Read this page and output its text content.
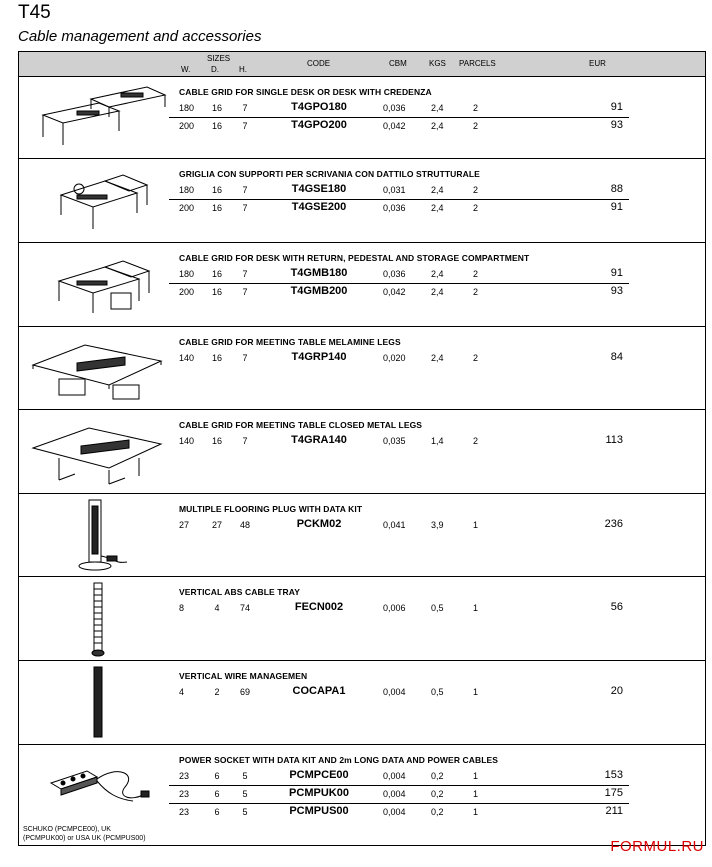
T45
Cable management and accessories
SIZES
W.	D.	H.
CODE	CBM	KGS PARCELS	EUR
CABLE GRID FOR SINGLE DESK OR DESK WITH CREDENZA
180	16	7	T4GPO180	0,036	2,4	2	91
200	16	7	T4GPO200	0,042	2,4	2	93
GRIGLIA CON SUPPORTI PER SCRIVANIA CON DATTILO STRUTTURALE
180	16	7	T4GSE180	0,031	2,4	2	88
200	16	7	T4GSE200	0,036	2,4	2	91
CABLE GRID FOR DESK WITH RETURN, PEDESTAL AND STORAGE COMPARTMENT
180	16	7	T4GMB180	0,036	2,4	2	91
200	16	7	T4GMB200	0,042	2,4	2	93
CABLE GRID FOR MEETING TABLE MELAMINE LEGS
140	16	7	T4GRP140	0,020	2,4	2	84
CABLE GRID FOR MEETING TABLE CLOSED METAL LEGS
140	16	7	T4GRA140	0,035	1,4	2	113
MULTIPLE FLOORING PLUG WITH DATA KIT
27	27	48	PCKM02	0,041	3,9	1	236
VERTICAL ABS CABLE TRAY
8	4	74	FECN002	0,006	0,5	1	56
VERTICAL WIRE MANAGEMEN
4	2	69	COCAPA1	0,004	0,5	1	20
POWER SOCKET WITH DATA KIT AND 2m LONG DATA AND POWER CABLES
23	6	5	PCMPCE00	0,004	0,2	1	153
23	6	5	PCMPUK00	0,004	0,2	1	175
23	6	5	PCMPUS00	0,004	0,2	1	211
SCHUKO (PCMPCE00), UK (PCMPUK00) or USA UK (PCMPUS00)	FORMUL.RU
